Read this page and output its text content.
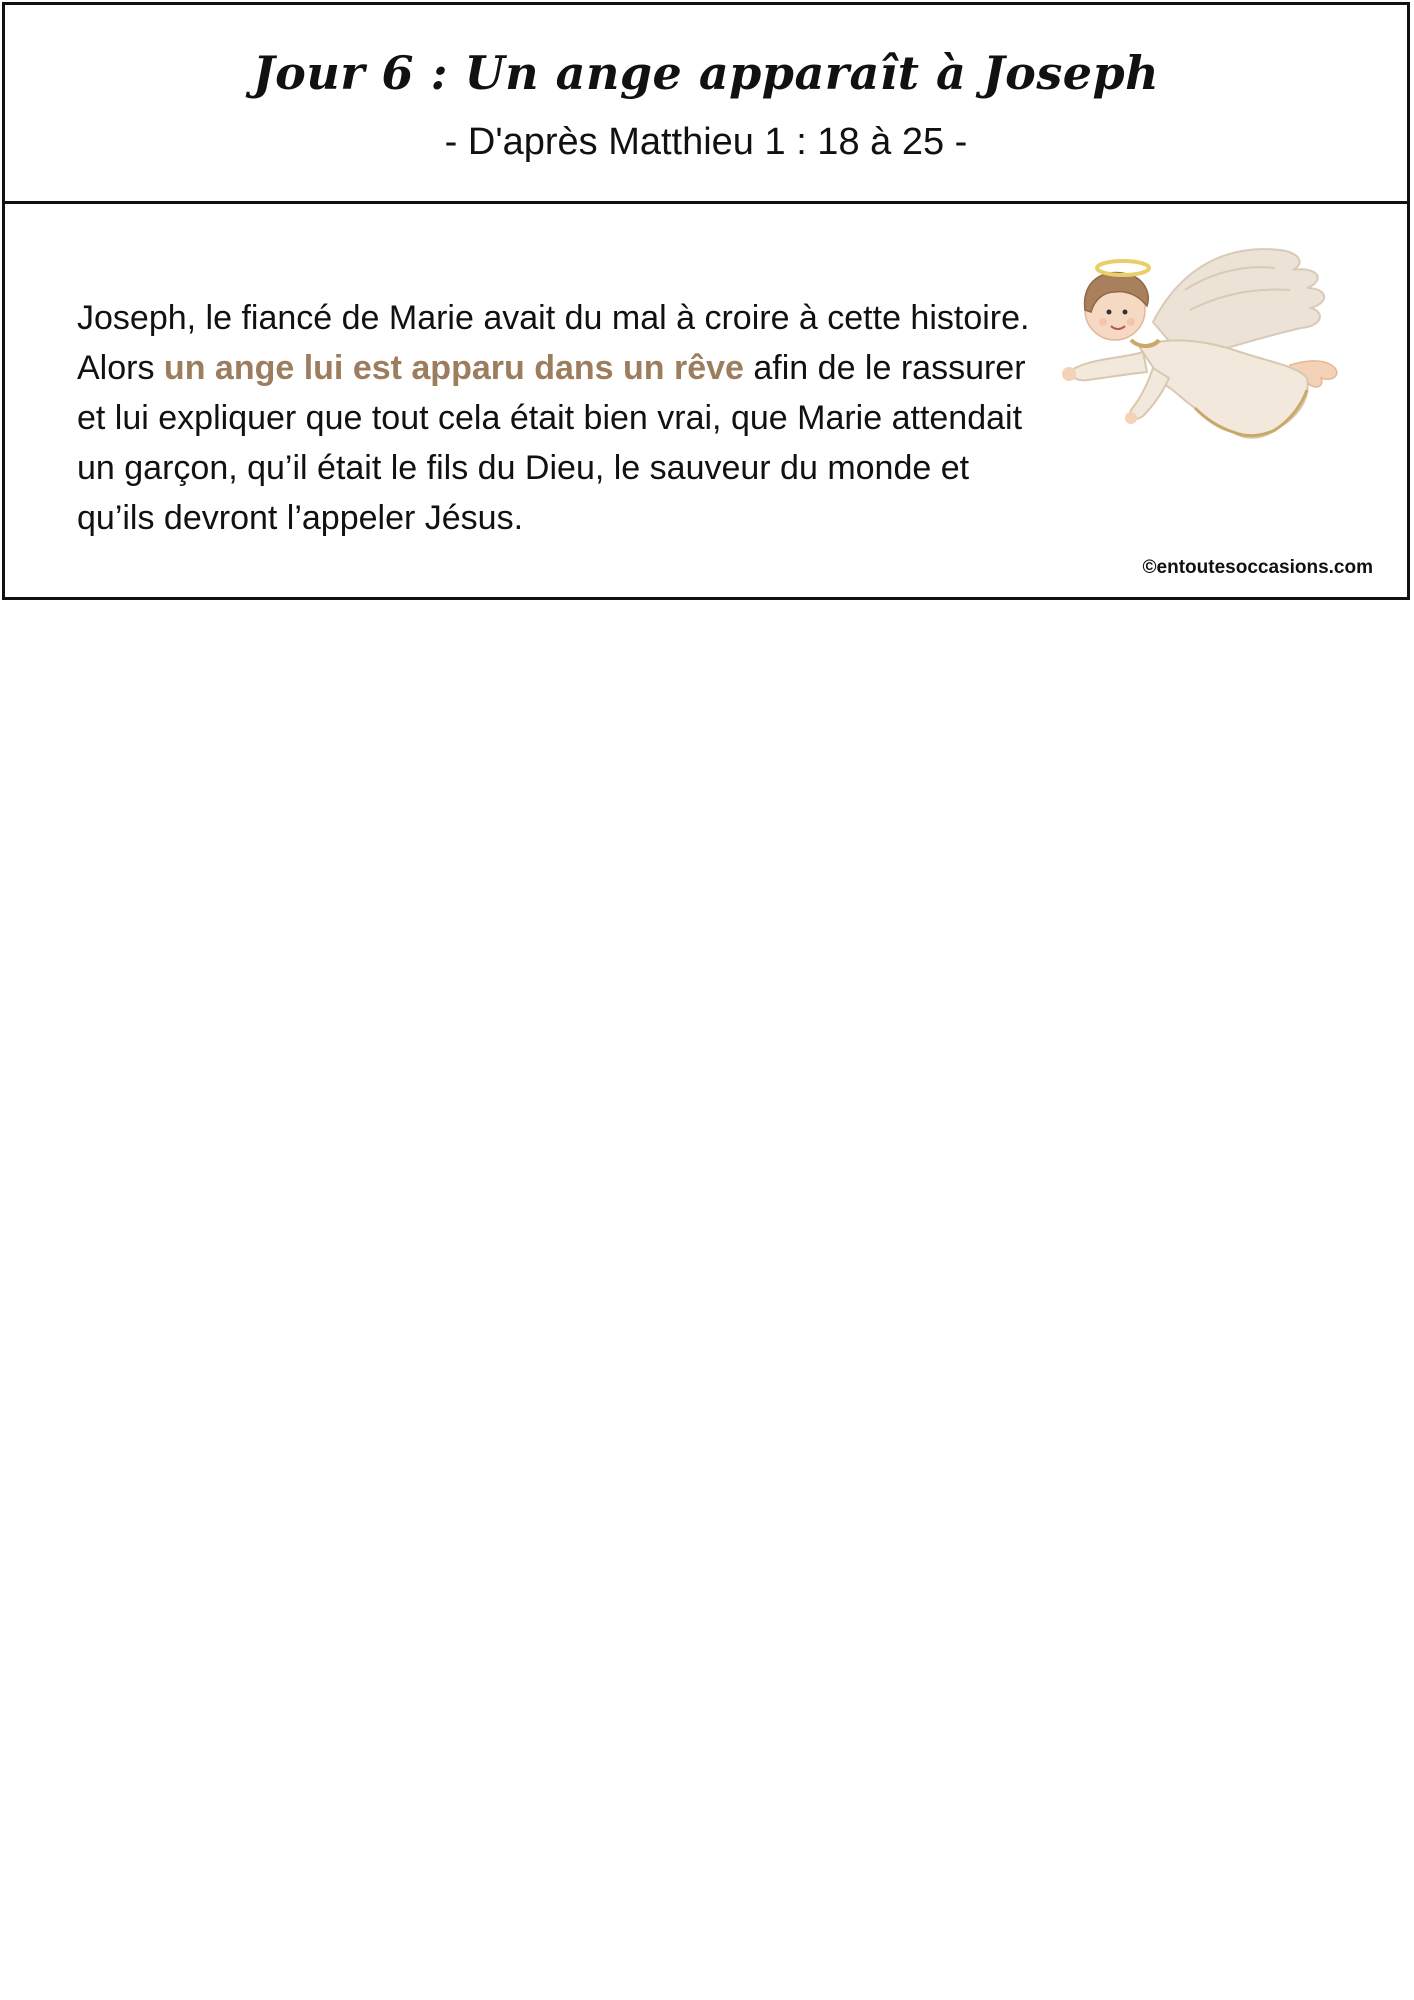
Jour 6 : Un ange apparaît à Joseph
- D'après Matthieu 1 : 18 à 25 -
Joseph, le fiancé de Marie avait du mal à croire à cette histoire.
Alors un ange lui est apparu dans un rêve afin de le rassurer et lui expliquer que tout cela était bien vrai, que Marie attendait un garçon, qu’il était le fils du Dieu, le sauveur du monde et qu’ils devront l’appeler Jésus.
©entoutesoccasions.com
